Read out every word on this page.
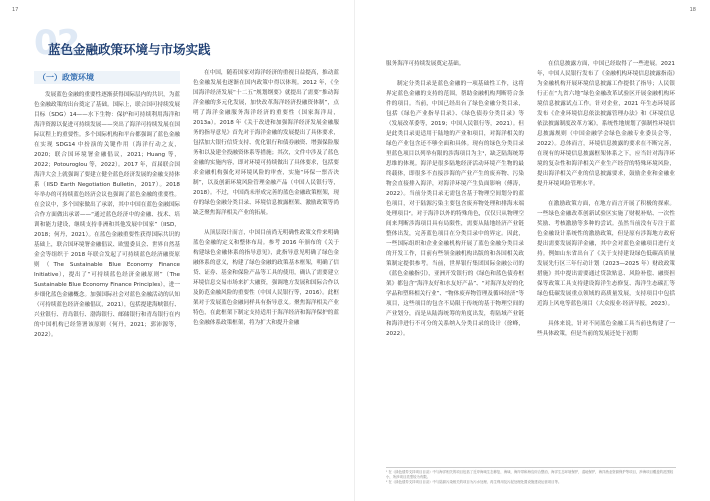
17	18
02
蓝色金融政策环境与市场实践
（一）政策环境

发展蓝色金融的重要性逐渐获得国际层内的共识，为蓝色金融政策的出台奠定了基础。国际上，联合国可持续发展目标（SDG）14——水下生物：保护和可持续利用海洋和海洋资源以促进可持续发展——突出了海洋可持续发展在国际议程上的重要性。多个国际机构和平台都强调了蓝色金融在实现 SDG14 中扮演的关键作用（海洋行动之友，2020；联合国环境署金融倡议，2021；Huang 等，2022；Potouroglou 等，2022）。2017 年，首届联合国海洋大会上就强调了要建立健全蓝色经济发展的金融支持体系（IISD Earth Negotiation Bulletin，2017）。2018 年举办的可持续蓝色经济会议也强调了蓝色金融的重要性。在会议中，多个国家做出了承诺，其中中国在蓝色金融国际合作方面做出承诺——“通过蓝色经济中的金融、技术、培训和能力建设，继续支持非洲和其他发展中国家”（IISD，2018；何丹，2021）。在蓝色金融重要性获得国际共识的基础上，联合国环境署金融倡议、欧盟委员会、世界自然基金会等组织于 2018 年联合发起了可持续蓝色经济融资原则（The Sustainable Blue Economy Finance Initiative），提出了“可持续蓝色经济金融原则”（The Sustainable Blue Economy Finance Principles），进一步细化蓝色金融概念。加强国际社会对蓝色金融活动的认知（可持续蓝色经济金融倡议，2021），包括提建海峡银行、兴业银行、青岛银行、渤海银行、邮储银行和青岛银行在内的中国机构已经签署该原则（何丹，2021；郭沛源等，2022）。

在中国，随着国家对海洋经济的重视日益提高，推动蓝色金融发展也逐渐在国内政策中得以体现。2012 年，《全国海洋经济发展“十二五”规划纲要》就提出了需要“推动海洋金融的多元化发展，加快改革海洋经济投融资体制”，点明了海洋金融服务海洋经济的重要性（国家海洋局，2013a）。2018 年《关于改进和加强海洋经济发展金融服务的指导意见》首先对于海洋金融的发展提出了具体要求，包括加大银行信贷支持、优化银行和债券融资、增强保险服务和以及建全投融资体系等措施；其次，文件中涉及了蓝色金融的实施内容，即对环境可持续做出了具体要求，包括要求金融机构强化对环境风险的审查，实施“环保一票否决制”，以及创新环境风险管理金融产品（中国人民银行等，2018）。不过，中国尚未形成完善的蓝色金融政策框架，现存的绿色金融分类目录、环境信息披露框架、激励政策等尚缺乏聚焦海洋相关产业的拓展。

从顶层设计而言，中国目前尚无明确性政策文件来明确蓝色金融的定义和整体布局。参考 2016 年颁布的《关于构建绿色金融体系的指导意见》，此指导意见明确了绿色金融体系的意义，构建了绿色金融的政策基本框架，明确了信贷、证券、基金和保险产品等工具的使用，确认了需要建立环境信息交易市场来扩大融资，强调地方发展和国际合作以及防范金融风险的重要性（中国人民银行等，2016）。此框架对于发展蓝色金融同样具有指导意义。聚焦海洋相关产业特色，在此框架下制定支持适用于海洋经济和海洋保护的蓝色金融体系政策框架，将为扩大和提升金融

服务海洋可持续发展奠定基础。

制定分类目录是蓝色金融的一项基础性工作，这将界定蓝色金融的支持的范围，帮助金融机构判断符合条件的项目。当前，中国已经出台了绿色金融分类目录，包括《绿色产业指导目录》、《绿色债券分类目录》等（发展改革委等，2019；中国人民银行等，2021）。但是此类目录更适用于陆地的产业和项目，对海洋相关的绿色产业包含还不够全面和具体。现有的绿色分类目录里蓝色项目以列举有限的涉海项目为主¹，缺乏陆海统筹思维的体现。海洋是很多陆地经济活动环境产生物的最终载体，即很多不直接涉海的产业产生的废弃物、污染物会直接排入海洋，对海洋环境产生负面影响（傅涛，2022）。当前分类目录无需包含基于物理空间划分的蓝色项目，对于陆源污染主要包含废弃物处理和排海末端处理项目²。对于海洋以外的特殊角色，仅仅只从物理空间来判断涉海项目具有局限性，需要从陆地经济产业链整体出发，完善蓝色项目在分类目录中的界定。因此，一些国际组织和企业金融机构开展了蓝色金融分类目录的开发工作，目前有些领金融机构出版的和各国相关政策制定提供参考。当前，世界银行集团国际金融公司的《蓝色金融指引》，亚洲开发银行的《绿色和蓝色债券框架》都包含“海洋友好和水友好产品”、“对海洋友好的化学品和塑料相关行业”、“物体废弃物管理及循环经济”等项目，这些项目的包含不局限于传统的基于物理空间的产业划分，而是从陆海统筹的角度出发，将陆域产业链和海洋进行不可分的关系纳入分类目录的设计（徐峰，2022）。

在信息披露方面，中国已经取得了一些进展。2021 年，中国人民银行发布了《金融机构环境信息披露指南》为金融机构开展环境信息披露工作提供了指导；人民银行正在“九省六地”绿色金融改革试验区开展金融机构环境信息披露试点工作。针对企业，2021 年生态环境部发布《企业环境信息依法披露管理办法》和《环境信息依法披露制度改革方案》，系统性地规划了强制性环境信息披露规则（中国金融学会绿色金融专业委员会等，2022）。总体而言，环境信息披露的要求在不断完善，在现有的环境信息披露框架体系之下，应当针对海洋环境的复杂性和海洋相关产业生产经营的特殊环境风险，提出海洋相关产业的信息披露要求，鼓励企业和金融业提升环境风险管理水平。

在激励政策方面，在地方而言开展了积极的探索。一些绿色金融改革创新试验区实施了财税补贴、一次性奖励、考核激励等多种的尝试。虽然当前没有专注于蓝色金融设计系统性的激励政策，但是原有涉海地方政府提出需要发展海洋金融，其中会对蓝色金融项目进行支持。例如山东省出台了《关于支持建设绿色低碳高质量发展先行区三年行动计划（2023—2025 年）财政政策措施》其中提出需要通过贷款贴息、风险补偿、融资担保等政策工具支持建设海洋生态修复、海洋生态碳汇等绿色低碳发展重点领域的高质量发展，支持项目中包括近海上风电等蓝色项目（大众报业·经济导报，2023）。

具体来说，针对不同蓝色金融工具当前也构建了一些具体政策，但是当前的发展还处于初期

¹ 在《绿色债券支持项目目录》中与海洋相关的项目包括了近岸海域生态修复，海域、海岸带和海岛综合整治，海洋生态环境保护，湿地保护，海洋渔业资源保护等项目，涉海项目覆盖的范围较小，所涉项目类型较为有限。

² 在《绿色债券支持项目目录》中与陆源污染相关的项目为污水处理、再生利用及污泥处理处置设施建设运营项目等。
